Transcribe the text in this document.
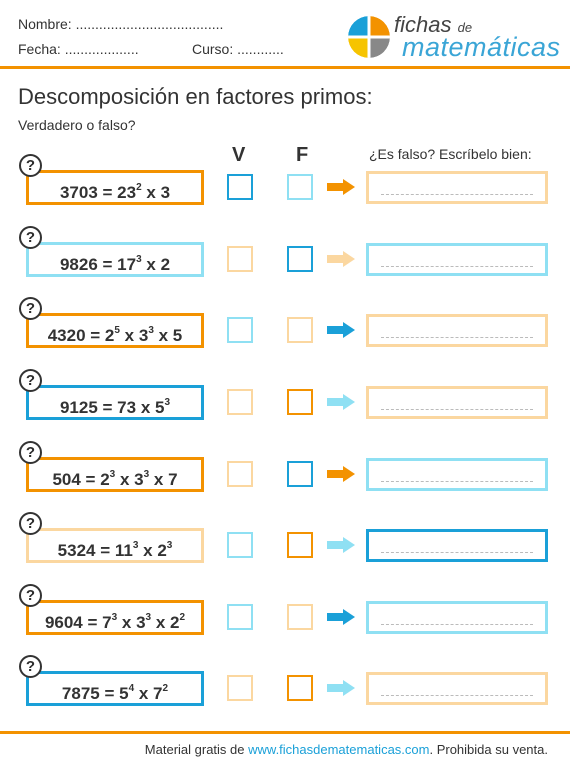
Nombre: ......................................
Fecha: ...................	Curso: ............
fichas de
matemáticas
Descomposición en factores primos:
Verdadero o falso?
V	F	¿Es falso? Escríbelo bien:
?
$3703 = 23^2$ x 3
?
$9826 = 17^3$ x 2
?
$4320 = 2^5$ x $3^3$ x 5
?
9125 = 73 x $5^3$
?
$504 = 2^3$ x $3^3$ x 7
?
$5324 = 11^3$ x $2^3$
?
$9604 = 7^3$ x $3^3$ x $2^2$
?
$7875 = 5^4$ x $7^2$
Material gratis de www.fichasdematematicas.com. Prohibida su venta.
